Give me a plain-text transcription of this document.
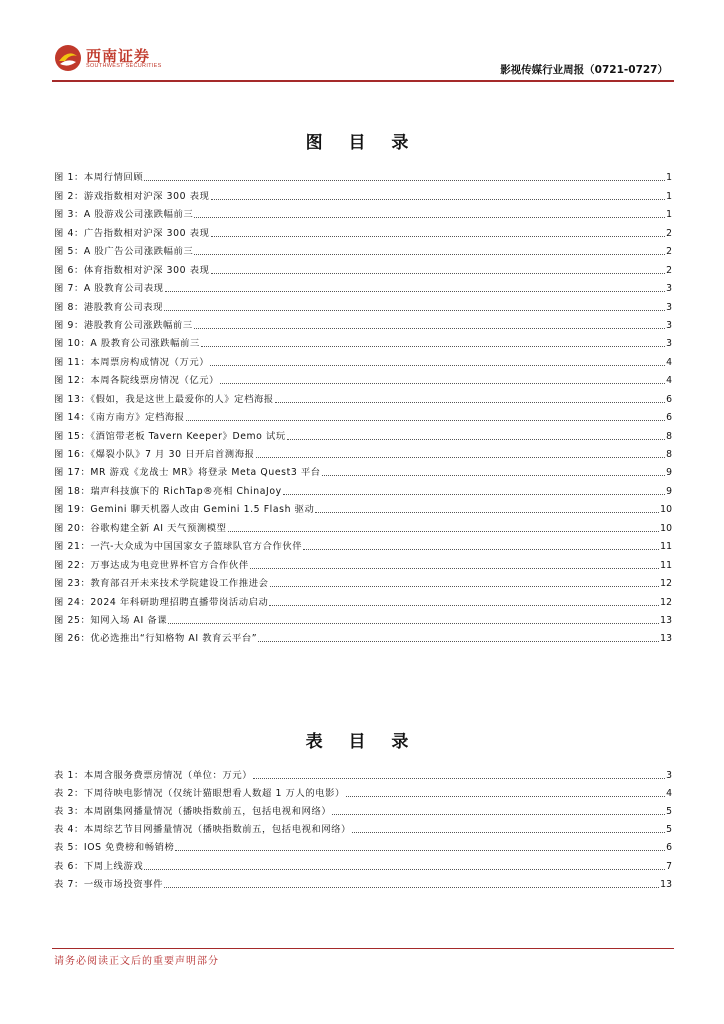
西南证券
SOUTHWEST SECURITIES	影视传媒行业周报（0721-0727）
图 目 录
图 1：本周行情回顾	1
图 2：游戏指数相对沪深 300 表现	1
图 3：A 股游戏公司涨跌幅前三	1
图 4：广告指数相对沪深 300 表现	2
图 5：A 股广告公司涨跌幅前三	2
图 6：体育指数相对沪深 300 表现	2
图 7：A 股教育公司表现	3
图 8：港股教育公司表现	3
图 9：港股教育公司涨跌幅前三	3
图 10：A 股教育公司涨跌幅前三	3
图 11：本周票房构成情况（万元）	4
图 12：本周各院线票房情况（亿元）	4
图 13：《假如，我是这世上最爱你的人》定档海报	6
图 14：《南方南方》定档海报	6
图 15：《酒馆带老板 Tavern Keeper》Demo 试玩	8
图 16：《爆裂小队》7 月 30 日开启首测海报	8
图 17：MR 游戏《龙战士 MR》将登录 Meta Quest3 平台	9
图 18：瑞声科技旗下的 RichTap®亮相 ChinaJoy	9
图 19：Gemini 聊天机器人改由 Gemini 1.5 Flash 驱动	10
图 20：谷歌构建全新 AI 天气预测模型	10
图 21：一汽-大众成为中国国家女子篮球队官方合作伙伴	11
图 22：万事达成为电竞世界杯官方合作伙伴	11
图 23：教育部召开未来技术学院建设工作推进会	12
图 24：2024 年科研助理招聘直播带岗活动启动	12
图 25：知网入场 AI 备课	13
图 26：优必选推出“行知格物 AI 教育云平台”	13
表 目 录
表 1：本周含服务费票房情况（单位：万元）	3
表 2：下周待映电影情况（仅统计猫眼想看人数超 1 万人的电影）	4
表 3：本周剧集网播量情况（播映指数前五，包括电视和网络）	5
表 4：本周综艺节目网播量情况（播映指数前五，包括电视和网络）	5
表 5：IOS 免费榜和畅销榜	6
表 6：下周上线游戏	7
表 7：一级市场投资事件	13
请务必阅读正文后的重要声明部分
